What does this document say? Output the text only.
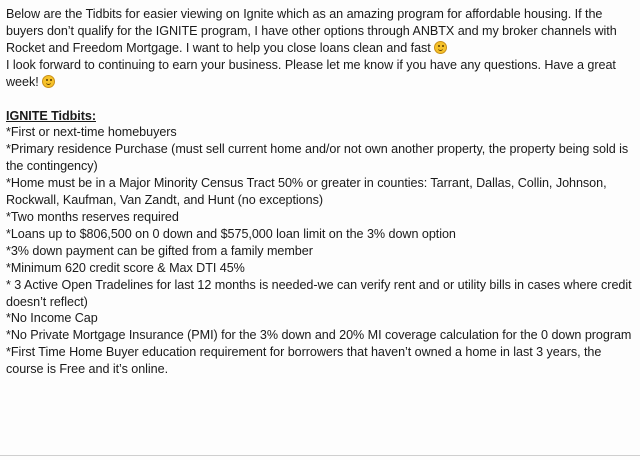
Below are the Tidbits for easier viewing on Ignite which as an amazing program for affordable housing. If the buyers don’t qualify for the IGNITE program, I have other options through ANBTX and my broker channels with Rocket and Freedom Mortgage. I want to help you close loans clean and fast

I look forward to continuing to earn your business. Please let me know if you have any questions. Have a great week!

IGNITE Tidbits:

*First or next-time homebuyers

*Primary residence Purchase (must sell current home and/or not own another property, the property being sold is the contingency)

*Home must be in a Major Minority Census Tract 50% or greater in counties: Tarrant, Dallas, Collin, Johnson, Rockwall, Kaufman, Van Zandt, and Hunt (no exceptions)

*Two months reserves required

*Loans up to $806,500 on 0 down and $575,000 loan limit on the 3% down option

*3% down payment can be gifted from a family member

*Minimum 620 credit score & Max DTI 45%

* 3 Active Open Tradelines for last 12 months is needed-we can verify rent and or utility bills in cases where credit doesn’t reflect)

*No Income Cap

*No Private Mortgage Insurance (PMI) for the 3% down and 20% MI coverage calculation for the 0 down program

*First Time Home Buyer education requirement for borrowers that haven’t owned a home in last 3 years, the course is Free and it’s online.
